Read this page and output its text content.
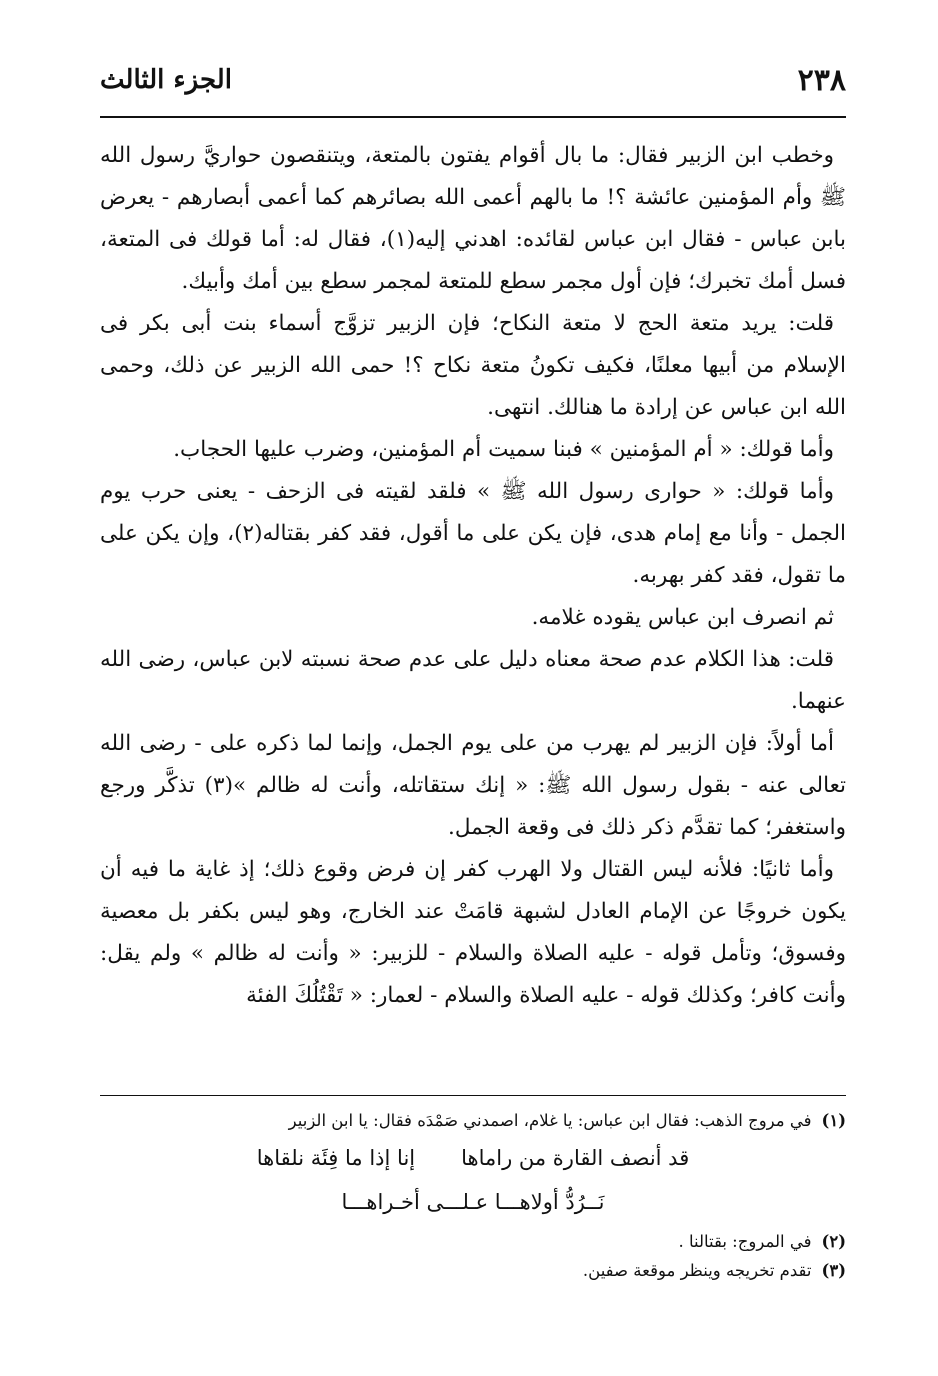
٢٣٨
الجزء الثالث

وخطب ابن الزبير فقال: ما بال أقوام يفتون بالمتعة، ويتنقصون حواريَّ رسول الله ﷺ وأم المؤمنين عائشة ؟! ما بالهم أعمى الله بصائرهم كما أعمى أبصارهم - يعرض بابن عباس - فقال ابن عباس لقائده: اهدني إليه(١)، فقال له: أما قولك فى المتعة، فسل أمك تخبرك؛ فإن أول مجمر سطع للمتعة لمجمر سطع بين أمك وأبيك.

قلت: يريد متعة الحج لا متعة النكاح؛ فإن الزبير تزوَّج أسماء بنت أبى بكر فى الإسلام من أبيها معلنًا، فكيف تكونُ متعة نكاح ؟! حمى الله الزبير عن ذلك، وحمى الله ابن عباس عن إرادة ما هنالك. انتهى.

وأما قولك: « أم المؤمنين » فبنا سميت أم المؤمنين، وضرب عليها الحجاب.

وأما قولك: « حوارى رسول الله ﷺ » فلقد لقيته فى الزحف - يعنى حرب يوم الجمل - وأنا مع إمام هدى، فإن يكن على ما أقول، فقد كفر بقتاله(٢)، وإن يكن على ما تقول، فقد كفر بهربه.

ثم انصرف ابن عباس يقوده غلامه.

قلت: هذا الكلام عدم صحة معناه دليل على عدم صحة نسبته لابن عباس، رضى الله عنهما.

أما أولاً: فإن الزبير لم يهرب من على يوم الجمل، وإنما لما ذكره على - رضى الله تعالى عنه - بقول رسول الله ﷺ: « إنك ستقاتله، وأنت له ظالم »(٣) تذكَّر ورجع واستغفر؛ كما تقدَّم ذكر ذلك فى وقعة الجمل.

وأما ثانيًا: فلأنه ليس القتال ولا الهرب كفر إن فرض وقوع ذلك؛ إذ غاية ما فيه أن يكون خروجًا عن الإمام العادل لشبهة قامَتْ عند الخارج، وهو ليس بكفر بل معصية وفسوق؛ وتأمل قوله - عليه الصلاة والسلام - للزبير: « وأنت له ظالم » ولم يقل: وأنت كافر؛ وكذلك قوله - عليه الصلاة والسلام - لعمار: « تَقْتُلُكَ الفئة

(١)
في مروج الذهب: فقال ابن عباس: يا غلام، اصمدني صَمْدَه فقال: يا ابن الزبير
قد أنصف القارة من راماها
إنا إذا ما فِئَة نلقاها
نَــرُدُّ أولاهـــا عـلـــى أخـراهـــا
(٢)
في المروج: بقتالنا .
(٣)
تقدم تخريجه وينظر موقعة صفين.
